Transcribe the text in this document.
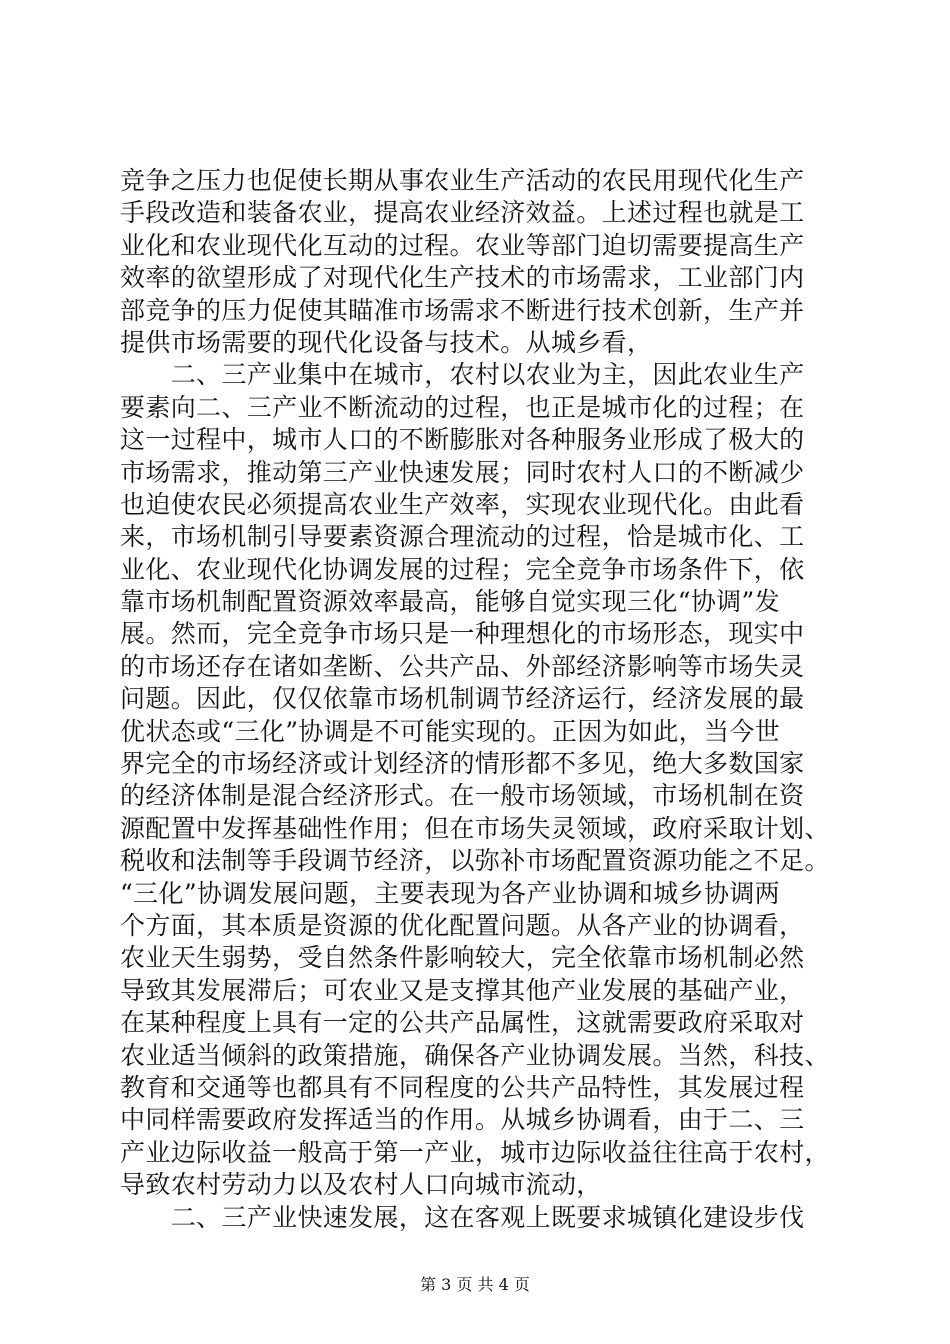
竞争之压力也促使长期从事农业生产活动的农民用现代化生产
手段改造和装备农业，提高农业经济效益。上述过程也就是工
业化和农业现代化互动的过程。农业等部门迫切需要提高生产
效率的欲望形成了对现代化生产技术的市场需求，工业部门内
部竞争的压力促使其瞄准市场需求不断进行技术创新，生产并
提供市场需要的现代化设备与技术。从城乡看，
　　二、三产业集中在城市，农村以农业为主，因此农业生产
要素向二、三产业不断流动的过程，也正是城市化的过程；在
这一过程中，城市人口的不断膨胀对各种服务业形成了极大的
市场需求，推动第三产业快速发展；同时农村人口的不断减少
也迫使农民必须提高农业生产效率，实现农业现代化。由此看
来，市场机制引导要素资源合理流动的过程，恰是城市化、工
业化、农业现代化协调发展的过程；完全竞争市场条件下，依
靠市场机制配置资源效率最高，能够自觉实现三化“协调”发
展。然而，完全竞争市场只是一种理想化的市场形态，现实中
的市场还存在诸如垄断、公共产品、外部经济影响等市场失灵
问题。因此，仅仅依靠市场机制调节经济运行，经济发展的最
优状态或“三化”协调是不可能实现的。正因为如此，当今世
界完全的市场经济或计划经济的情形都不多见，绝大多数国家
的经济体制是混合经济形式。在一般市场领域，市场机制在资
源配置中发挥基础性作用；但在市场失灵领域，政府采取计划、
税收和法制等手段调节经济，以弥补市场配置资源功能之不足。
“三化”协调发展问题，主要表现为各产业协调和城乡协调两
个方面，其本质是资源的优化配置问题。从各产业的协调看，
农业天生弱势，受自然条件影响较大，完全依靠市场机制必然
导致其发展滞后；可农业又是支撑其他产业发展的基础产业，
在某种程度上具有一定的公共产品属性，这就需要政府采取对
农业适当倾斜的政策措施，确保各产业协调发展。当然，科技、
教育和交通等也都具有不同程度的公共产品特性，其发展过程
中同样需要政府发挥适当的作用。从城乡协调看，由于二、三
产业边际收益一般高于第一产业，城市边际收益往往高于农村，
导致农村劳动力以及农村人口向城市流动，
　　二、三产业快速发展，这在客观上既要求城镇化建设步伐
第 3 页 共 4 页
